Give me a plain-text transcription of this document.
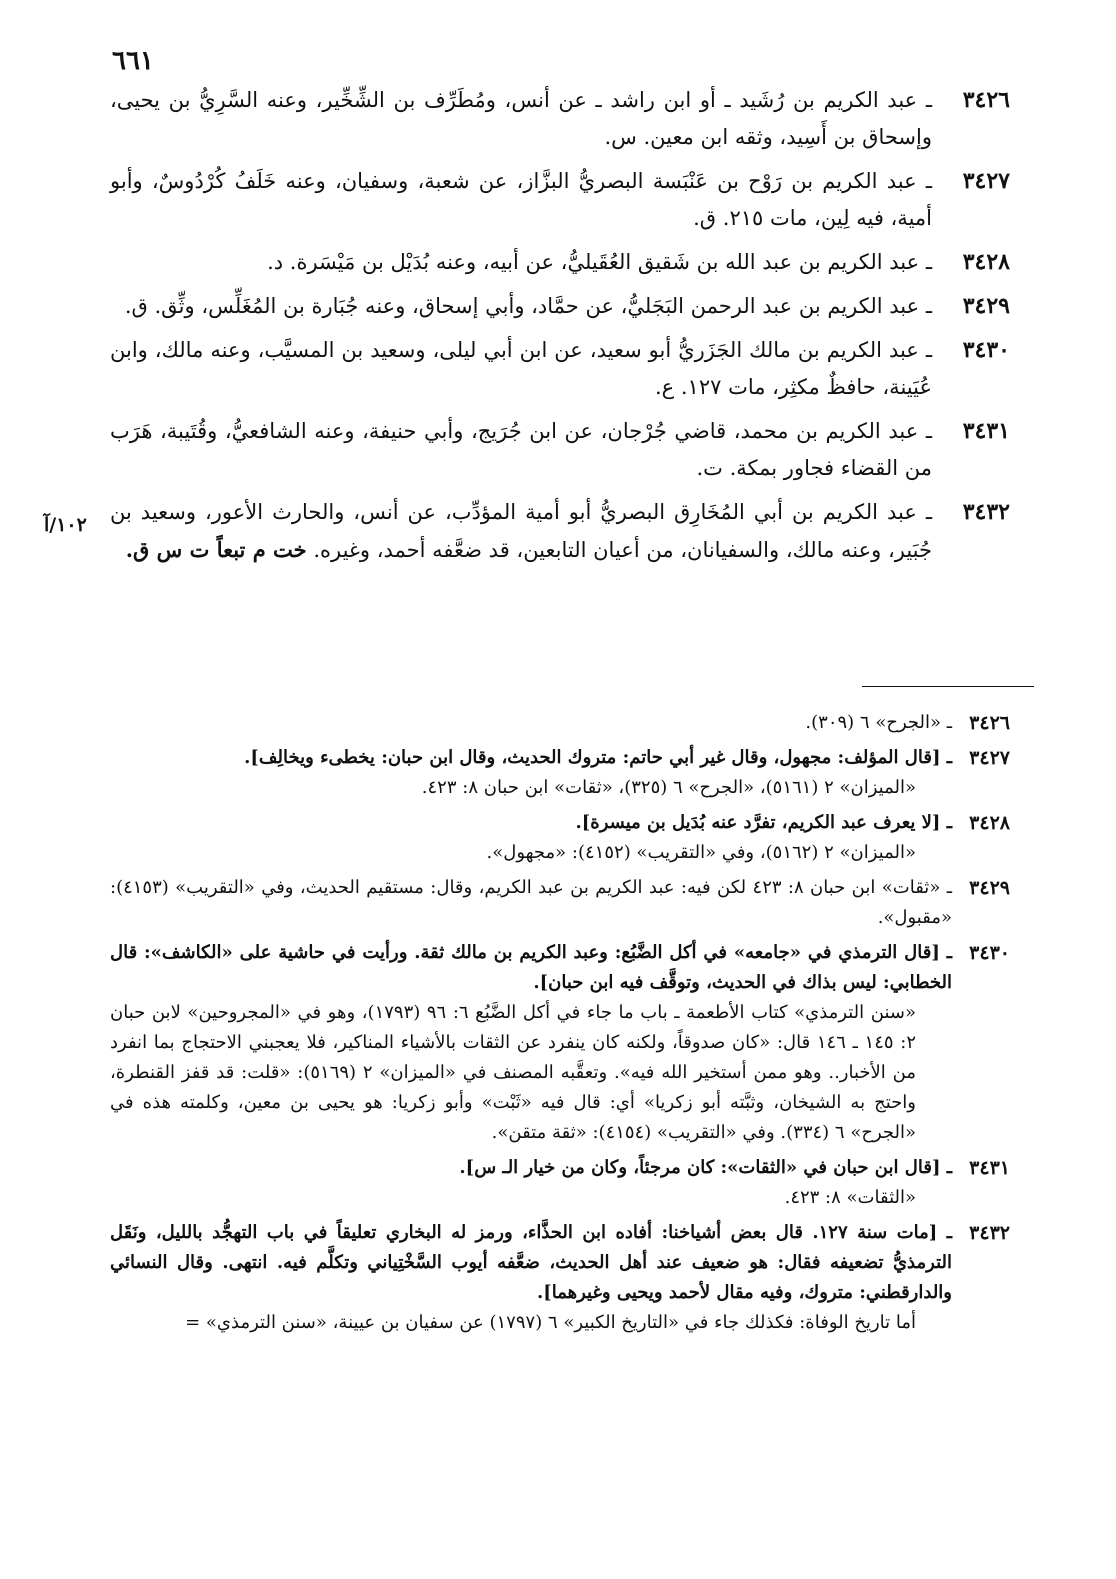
٦٦١
١٠٢/آ
٣٤٢٦
ـ عبد الكريم بن رُشَيد ـ أو ابن راشد ـ عن أنس، ومُطَرِّف بن الشِّخِّير، وعنه السَّرِيُّ بن يحيى، وإسحاق بن أَسِيد، وثقه ابن معين. س.
٣٤٢٧
ـ عبد الكريم بن رَوْح بن عَنْبَسة البصريُّ البزَّاز، عن شعبة، وسفيان، وعنه خَلَفُ كُرْدُوسٌ، وأبو أمية، فيه لِين، مات ٢١٥. ق.
٣٤٢٨
ـ عبد الكريم بن عبد الله بن شَقيق العُقَيليُّ، عن أبيه، وعنه بُدَيْل بن مَيْسَرة. د.
٣٤٢٩
ـ عبد الكريم بن عبد الرحمن البَجَليُّ، عن حمَّاد، وأبي إسحاق، وعنه جُبَارة بن المُغَلِّس، وثِّق. ق.
٣٤٣٠
ـ عبد الكريم بن مالك الجَزَريُّ أبو سعيد، عن ابن أبي ليلى، وسعيد بن المسيَّب، وعنه مالك، وابن عُيَينة، حافظٌ مكثِر، مات ١٢٧. ع.
٣٤٣١
ـ عبد الكريم بن محمد، قاضي جُرْجان، عن ابن جُرَيج، وأبي حنيفة، وعنه الشافعيُّ، وقُتَيبة، هَرَب من القضاء فجاور بمكة. ت.
٣٤٣٢
ـ عبد الكريم بن أبي المُخَارِق البصريُّ أبو أمية المؤدِّب، عن أنس، والحارث الأعور، وسعيد بن جُبَير، وعنه مالك، والسفيانان، من أعيان التابعين، قد ضعَّفه أحمد، وغيره. خت م تبعاً ت س ق.
٣٤٢٦
ـ «الجرح» ٦ (٣٠٩).
٣٤٢٧
ـ [قال المؤلف: مجهول، وقال غير أبي حاتم: متروك الحديث، وقال ابن حبان: يخطىء ويخالِف].
«الميزان» ٢ (٥١٦١)، «الجرح» ٦ (٣٢٥)، «ثقات» ابن حبان ٨: ٤٢٣.
٣٤٢٨
ـ [لا يعرف عبد الكريم، تفرَّد عنه بُدَيل بن ميسرة].
«الميزان» ٢ (٥١٦٢)، وفي «التقريب» (٤١٥٢): «مجهول».
٣٤٢٩
ـ «ثقات» ابن حبان ٨: ٤٢٣ لكن فيه: عبد الكريم بن عبد الكريم، وقال: مستقيم الحديث، وفي «التقريب» (٤١٥٣): «مقبول».
٣٤٣٠
ـ [قال الترمذي في «جامعه» في أكل الضَّبُع: وعبد الكريم بن مالك ثقة. ورأيت في حاشية على «الكاشف»: قال الخطابي: ليس بذاك في الحديث، وتوقَّف فيه ابن حبان].
«سنن الترمذي» كتاب الأطعمة ـ باب ما جاء في أكل الضَّبُع ٦: ٩٦ (١٧٩٣)، وهو في «المجروحين» لابن حبان ٢: ١٤٥ ـ ١٤٦ قال: «كان صدوقاً، ولكنه كان ينفرد عن الثقات بالأشياء المناكير، فلا يعجبني الاحتجاج بما انفرد من الأخبار.. وهو ممن أستخير الله فيه». وتعقَّبه المصنف في «الميزان» ٢ (٥١٦٩): «قلت: قد قفز القنطرة، واحتج به الشيخان، وثبَّته أبو زكريا» أي: قال فيه «ثَبْت» وأبو زكريا: هو يحيى بن معين، وكلمته هذه في «الجرح» ٦ (٣٣٤). وفي «التقريب» (٤١٥٤): «ثقة متقن».
٣٤٣١
ـ [قال ابن حبان في «الثقات»: كان مرجئاً، وكان من خيار الـ س].
«الثقات» ٨: ٤٢٣.
٣٤٣٢
ـ [مات سنة ١٢٧. قال بعض أشياخنا: أفاده ابن الحذَّاء، ورمز له البخاري تعليقاً في باب التهجُّد بالليل، ونَقَل الترمذيُّ تضعيفه فقال: هو ضعيف عند أهل الحديث، ضعَّفه أيوب السَّخْتِياني وتكلَّم فيه. انتهى. وقال النسائي والدارقطني: متروك، وفيه مقال لأحمد ويحيى وغيرهما].
أما تاريخ الوفاة: فكذلك جاء في «التاريخ الكبير» ٦ (١٧٩٧) عن سفيان بن عيينة، «سنن الترمذي» =
